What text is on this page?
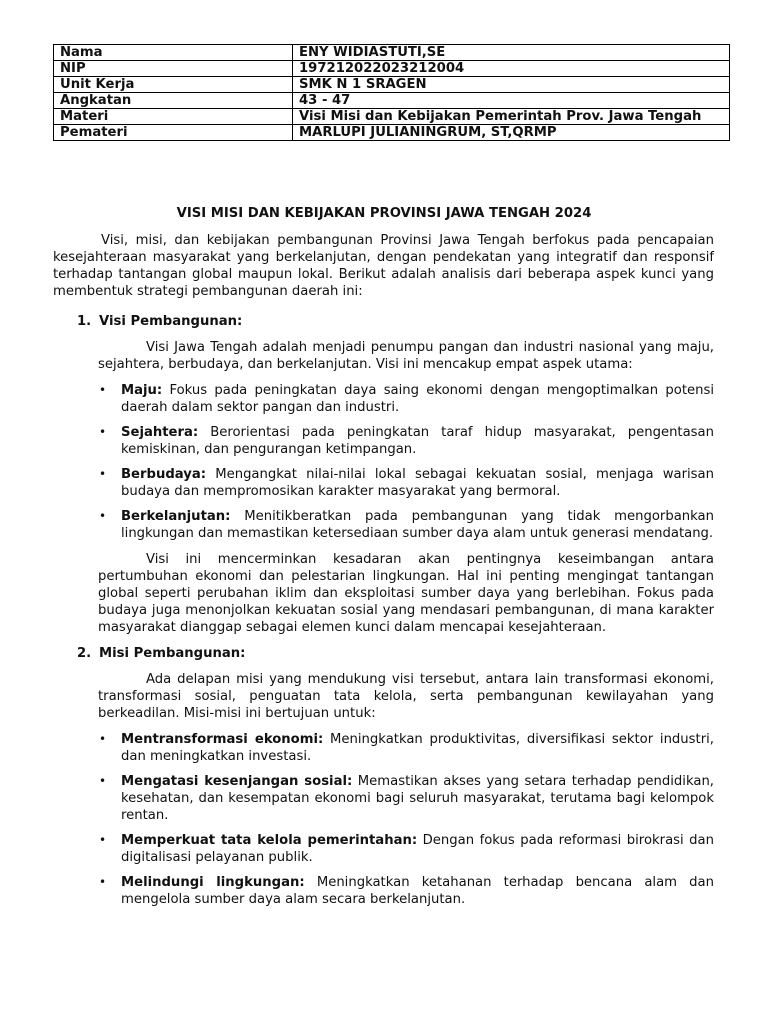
Nama	ENY WIDIASTUTI,SE
NIP	197212022023212004
Unit Kerja	SMK N 1 SRAGEN
Angkatan	43 - 47
Materi	Visi Misi dan Kebijakan Pemerintah Prov. Jawa Tengah
Pemateri	MARLUPI JULIANINGRUM, ST,QRMP
VISI MISI DAN KEBIJAKAN PROVINSI JAWA TENGAH 2024

Visi, misi, dan kebijakan pembangunan Provinsi Jawa Tengah berfokus pada pencapaian kesejahteraan masyarakat yang berkelanjutan, dengan pendekatan yang integratif dan responsif terhadap tantangan global maupun lokal. Berikut adalah analisis dari beberapa aspek kunci yang membentuk strategi pembangunan daerah ini:

1. Visi Pembangunan:

Visi Jawa Tengah adalah menjadi penumpu pangan dan industri nasional yang maju, sejahtera, berbudaya, dan berkelanjutan. Visi ini mencakup empat aspek utama:

• Maju: Fokus pada peningkatan daya saing ekonomi dengan mengoptimalkan potensi daerah dalam sektor pangan dan industri.
• Sejahtera: Berorientasi pada peningkatan taraf hidup masyarakat, pengentasan kemiskinan, dan pengurangan ketimpangan.
• Berbudaya: Mengangkat nilai-nilai lokal sebagai kekuatan sosial, menjaga warisan budaya dan mempromosikan karakter masyarakat yang bermoral.
• Berkelanjutan: Menitikberatkan pada pembangunan yang tidak mengorbankan lingkungan dan memastikan ketersediaan sumber daya alam untuk generasi mendatang.

Visi ini mencerminkan kesadaran akan pentingnya keseimbangan antara pertumbuhan ekonomi dan pelestarian lingkungan. Hal ini penting mengingat tantangan global seperti perubahan iklim dan eksploitasi sumber daya yang berlebihan. Fokus pada budaya juga menonjolkan kekuatan sosial yang mendasari pembangunan, di mana karakter masyarakat dianggap sebagai elemen kunci dalam mencapai kesejahteraan.

2. Misi Pembangunan:

Ada delapan misi yang mendukung visi tersebut, antara lain transformasi ekonomi, transformasi sosial, penguatan tata kelola, serta pembangunan kewilayahan yang berkeadilan. Misi-misi ini bertujuan untuk:

• Mentransformasi ekonomi: Meningkatkan produktivitas, diversifikasi sektor industri, dan meningkatkan investasi.
• Mengatasi kesenjangan sosial: Memastikan akses yang setara terhadap pendidikan, kesehatan, dan kesempatan ekonomi bagi seluruh masyarakat, terutama bagi kelompok rentan.
• Memperkuat tata kelola pemerintahan: Dengan fokus pada reformasi birokrasi dan digitalisasi pelayanan publik.
• Melindungi lingkungan: Meningkatkan ketahanan terhadap bencana alam dan mengelola sumber daya alam secara berkelanjutan.
